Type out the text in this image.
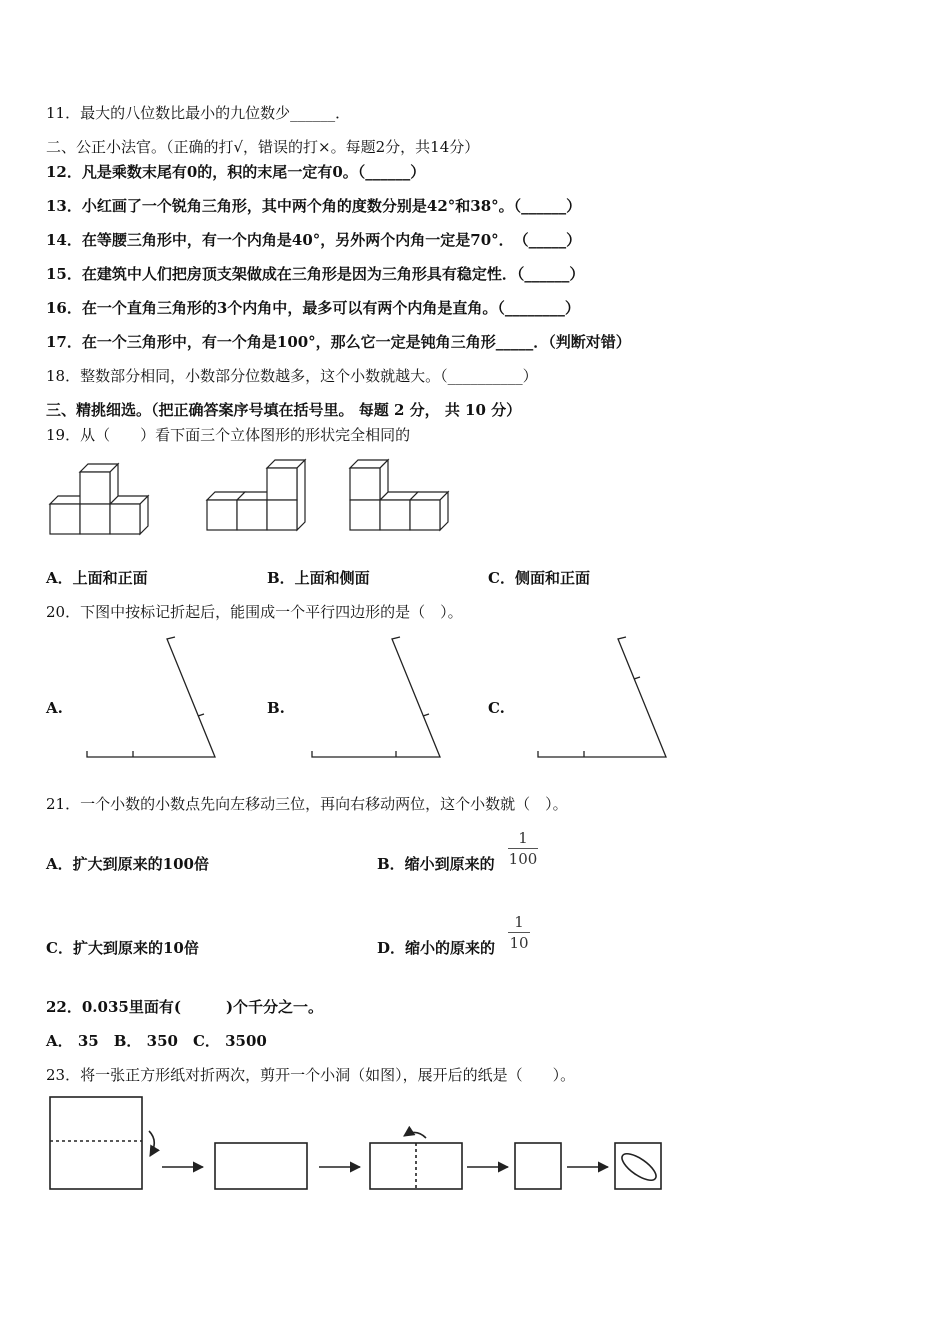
11．最大的八位数比最小的九位数少______．
二、公正小法官。（正确的打√，错误的打×。每题2分，共14分）
12．凡是乘数末尾有0的，积的末尾一定有0。（______）
13．小红画了一个锐角三角形，其中两个角的度数分别是42°和38°。（______）
14．在等腰三角形中，有一个内角是40°，另外两个内角一定是70°．　（_____）
15．在建筑中人们把房顶支架做成在三角形是因为三角形具有稳定性．（______）
16．在一个直角三角形的3个内角中，最多可以有两个内角是直角。（________）
17．在一个三角形中，有一个角是100°，那么它一定是钝角三角形_____．（判断对错）
18．整数部分相同，小数部分位数越多，这个小数就越大。（__________）
三、精挑细选。（把正确答案序号填在括号里。 每题 2 分， 共 10 分）
19．从（　　）看下面三个立体图形的形状完全相同的
A．上面和正面	B．上面和侧面	C．侧面和正面
20．下图中按标记折起后，能围成一个平行四边形的是（　）。
A.	B.	C.
21．一个小数的小数点先向左移动三位，再向右移动两位，这个小数就（　）。
A．扩大到原来的100倍	B．缩小到原来的
1
100
C．扩大到原来的10倍	D．缩小的原来的
1
10
22．0.035里面有(　　　)个千分之一。
A． 35　B． 350　C． 3500
23．将一张正方形纸对折两次，剪开一个小洞（如图），展开后的纸是（　　）。
